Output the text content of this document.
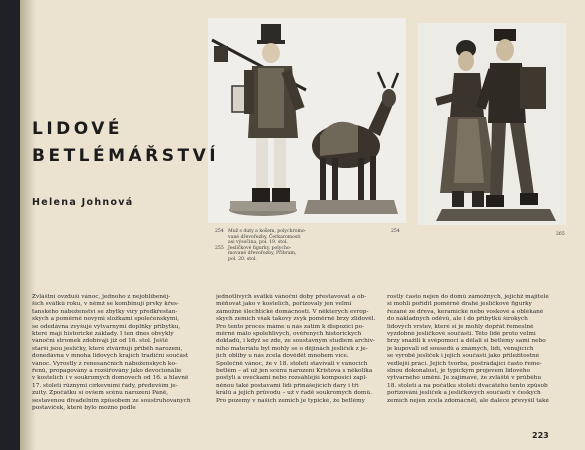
LIDOVÉ
BETLÉMÁŘSTVÍ
Helena Johnová
254 Muž s duty a košem, polychromo-
vané dřevořezby, Čerkaromosti
asi výsočina, pol. 19. stol.
255 Jesličkové figurky, polycho-
mované dřevořezby, Příbram,
pol. 20. stol.
254
265
Zvláštní ovzduší vánoc, jednoho z nejoblíbeněj-
ších svátků roku, v němž se kombinují prvky křes-
ťanského náboženství se zbytky víry předkřesťan-
ských a poměrně novými složkami společenskými,
se odedávna zvyšuje výtvarnými doplňky příbytku,
které mají historické základy. I ten dnes obvyklý
vánoční stromek zdobívají již od 16. stol. Ještě
starší jsou jesličky, které ztvárňují příběh narození,
donedávna v mnoha lidových krajích tradiční součást
vánoc. Vyrostly z renesančních náboženských ko-
řenů, propagovány a rozšiřovány jako devocionálie
v kostelích i v soukromých domovech od 16. a hlavně
17. století různými církevními řády, především je-
zuity. Zpočátku si ovšem scénu narození Páně,
sestavenou divadelním způsobem ze soustruhovaných
postaviček, které bylo možno podle
jednotlivých svátků vánoční doby přestavovat a ob-
měňovat jako v kostelích, pořizovaly jen velmi
zámožné šlechtické domácnosti. V některých evrop-
ských zemích však takový zvyk poměrně brzy zlidověl.
Pro tento proces máme u nás zatím k dispozici po-
měrně málo spolehlivých, ověřených historických
dokladů, i když se zde, ze soustavným studiem archiv-
ního materiálu byl mohly se o dějinách jesliček z je-
jich obliby u nás zcela dovědět mnohem více.
Společně vánoc, že v 18. století stavívali v vánocích
betlém – ať už jen scénu narození Kristova s několika
postýli a ovečkami nebo rozsáhlejší komposici zapl-
něnou také postavami lidí přinášejících dary i tří
králů a jejich průvodu – už v řadě soukromých domů.
Pro pozemy v našich zemích je typické, že betlémy
rostly často nejen do domů zámožných, jejichž majitelé
si mohli pořídit poměrně drahé jesličkové figurky
řezané ze dřeva, keramické nebo voskové a oblékané
do nákladných oděvů, ale i do příbytků širokých
lidových vrstev, které si je mohly dopřát řemeslně
vyzdobné jesličkové součásti. Této lidé proto velmi
brzy snažili k svépomoci a dělali si betlémy sami nebo
je kupovali od sousedů a známých, lidí, vénujících
se výrobě jesliček i jejich součástí jako příležitostné
vedlejší práci. Jejich tvorba, postrádající často řeme-
slnou dokonalost, je typickým projevem lidového
výtvarného umění. Je zajímavé, že zvláště v průběhu
18. století a na počátku století dvacátého tento způsob
pořizování jesliček a jesličkových součástí v českých
zemích nejen zcela zdomácněl, ale dalece převyšil také
223
